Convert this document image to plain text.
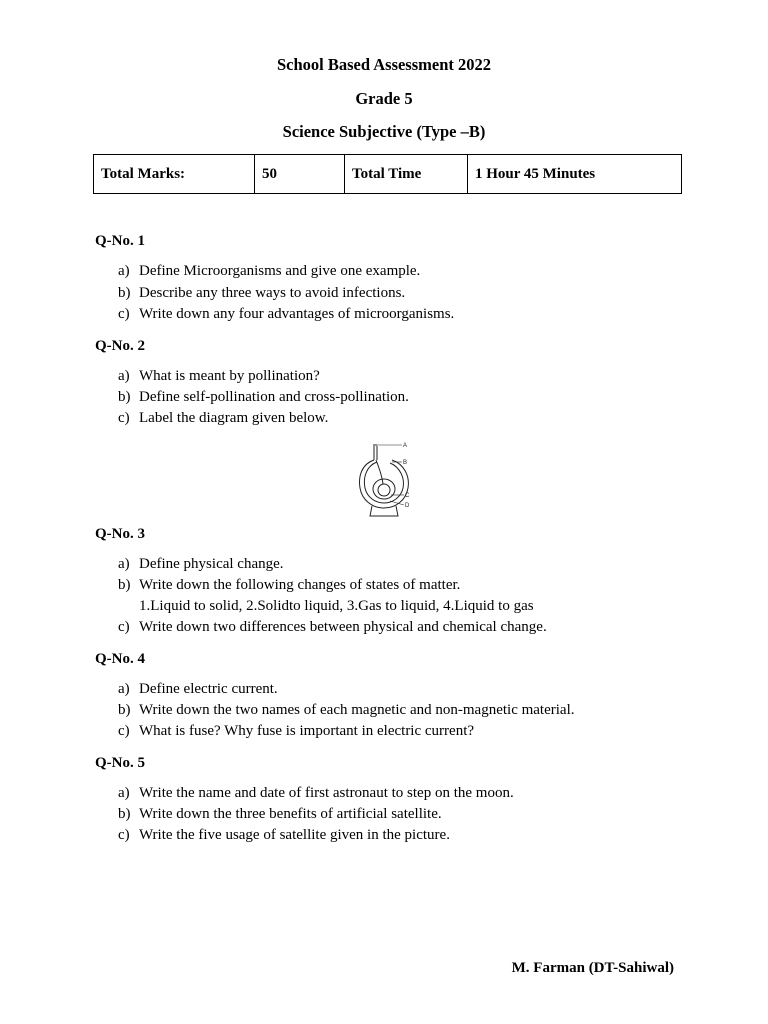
School Based Assessment 2022
Grade 5
Science Subjective (Type –B)
Total Marks:	50	Total Time	1 Hour 45 Minutes
Q-No. 1
a) Define Microorganisms and give one example.
b) Describe any three ways to avoid infections.
c) Write down any four advantages of microorganisms.
Q-No. 2
a) What is meant by pollination?
b) Define self-pollination and cross-pollination.
c) Label the diagram given below.
A
B
C
D
Q-No. 3
a) Define physical change.
b) Write down the following changes of states of matter.
1.Liquid to solid, 2.Solidto liquid, 3.Gas to liquid, 4.Liquid to gas
c) Write down two differences between physical and chemical change.
Q-No. 4
a) Define electric current.
b) Write down the two names of each magnetic and non-magnetic material.
c) What is fuse? Why fuse is important in electric current?
Q-No. 5
a) Write the name and date of first astronaut to step on the moon.
b) Write down the three benefits of artificial satellite.
c) Write the five usage of satellite given in the picture.
M. Farman (DT-Sahiwal)
